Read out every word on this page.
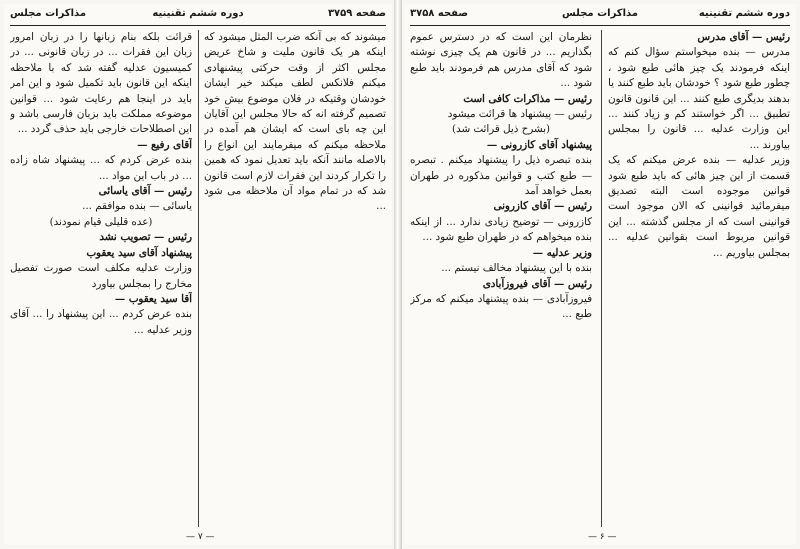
صفحه ۳۷۵۹
دوره ششم تقنینیه
مذاکرات مجلس

میشوند که بی آنکه ضرب المثل میشود که اینکه هر یک قانون ملیت و شاخ عریض مجلس اکثر از وقت حرکتی پیشنهادی میکنم فلانکس لطف میکند خیر ایشان خودشان وقتیکه در فلان موضوع بیش خود تصمیم گرفته انه که حالا مجلس این آقایان این چه بای است که ایشان هم آمده در ملاحظه میکنم که میفرمایند این انواع را بالاصله مانند آنکه باید تعدیل نمود که همین را تکرار کردند این فقرات لازم است قانون شد که در تمام مواد آن ملاحظه می شود ...

قرائت بلکه بنام زبانها را در زبان امرور زبان این فقرات ... در زبان قانونی ... در کمیسیون عدلیه گفته شد که با ملاحظه اینکه این قانون باید تکمیل شود و این امر باید در اینجا هم رعایت شود ... قوانین موضوعه مملکت باید بزبان فارسی باشد و این اصطلاحات خارجی باید حذف گردد ...

آقای رفیع —

بنده عرض کردم که ... پیشنهاد شاه زاده ... در باب این مواد ...

رئیس — آقای یاسائی

یاسائی — بنده موافقم ...

(عده قلیلی قیام نمودند)

رئیس — تصویب نشد

پیشنهاد آقای سید یعقوب

وزارت عدلیه مکلف است صورت تفصیل مخارج را بمجلس بیاورد

آقا سید یعقوب —

بنده عرض کردم ... این پیشنهاد را ... آقای وزیر عدلیه ...

— ۷ —
دوره ششم تقنینیه
مذاکرات مجلس
صفحه ۳۷۵۸

رئیس — آقای مدرس

مدرس — بنده میخواستم سؤال کنم که اینکه فرمودند یک چیز هائی طبع شود ، چطور طبع شود ؟ خودشان باید طبع کنند یا بدهند بدیگری طبع کنند ... این قانون قانون تطبیق ... اگر خواستند کم و زیاد کنند ... این وزارت عدلیه ... قانون را بمجلس بیاورند ...

وزیر عدلیه — بنده عرض میکنم که یک قسمت از این چیز هائی که باید طبع شود قوانین موجوده است البته تصدیق میفرمائید قوانینی که الان موجود است قوانینی است که از مجلس گذشته ... این قوانین مربوط است بقوانین عدلیه ... بمجلس بیاوریم ...

نظرمان این است که در دسترس عموم بگذاریم ... در قانون هم یک چیزی نوشته شود که آقای مدرس هم فرمودند باید طبع شود ...

رئیس — مذاکرات کافی است

رئیس — پیشنهاد ها قرائت میشود

(بشرح ذیل قرائت شد)

پیشنهاد آقای کازرونی —

بنده تبصره ذیل را پیشنهاد میکنم . تبصره — طبع کتب و قوانین مذکوره در طهران بعمل خواهد آمد

رئیس — آقای کازرونی

کازرونی — توضیح زیادی ندارد ... از اینکه بنده میخواهم که در طهران طبع شود ...

وزیر عدلیه —

بنده با این پیشنهاد مخالف نیستم ...

رئیس — آقای فیروزآبادی

فیروزآبادی — بنده پیشنهاد میکنم که مرکز طبع ...

— ۶ —
